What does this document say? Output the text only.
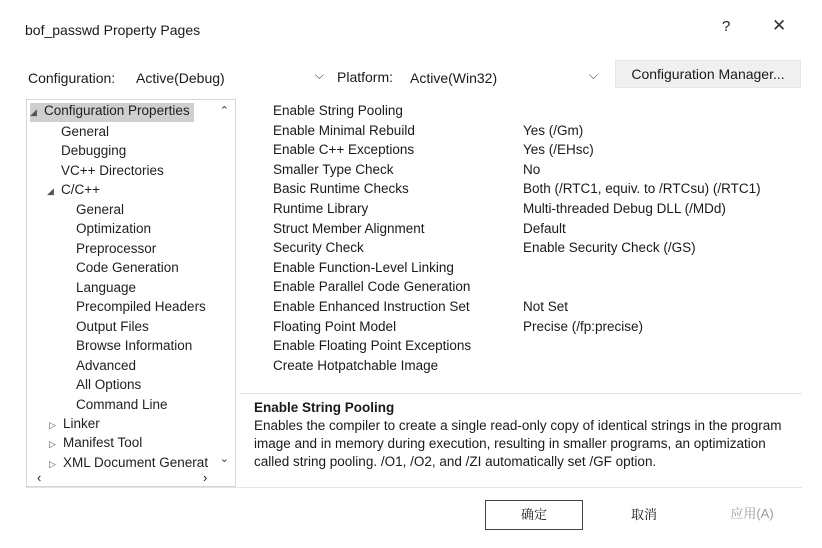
bof_passwd Property Pages	? ✕
Configuration: Active(Debug)	⌵ Platform: Active(Win32)	⌵	Configuration Manager...
◢ Configuration Properties
General
Debugging
VC++ Directories
◢ C/C++
General
Optimization
Preprocessor
Code Generation
Language
Precompiled Headers
Output Files
Browse Information
Advanced
All Options
Command Line
▷ Linker
▷ Manifest Tool
▷ XML Document Generat
⌃
⌄
‹	›
Enable String Pooling
Enable Minimal Rebuild	Yes (/Gm)
Enable C++ Exceptions	Yes (/EHsc)
Smaller Type Check	No
Basic Runtime Checks	Both (/RTC1, equiv. to /RTCsu) (/RTC1)
Runtime Library	Multi-threaded Debug DLL (/MDd)
Struct Member Alignment	Default
Security Check	Enable Security Check (/GS)
Enable Function-Level Linking
Enable Parallel Code Generation
Enable Enhanced Instruction Set	Not Set
Floating Point Model	Precise (/fp:precise)
Enable Floating Point Exceptions
Create Hotpatchable Image
Enable String Pooling
Enables the compiler to create a single read-only copy of identical strings in the program image and in memory during execution, resulting in smaller programs, an optimization called string pooling. /O1, /O2, and /ZI automatically set /GF option.
确定	取消	应用(A)
